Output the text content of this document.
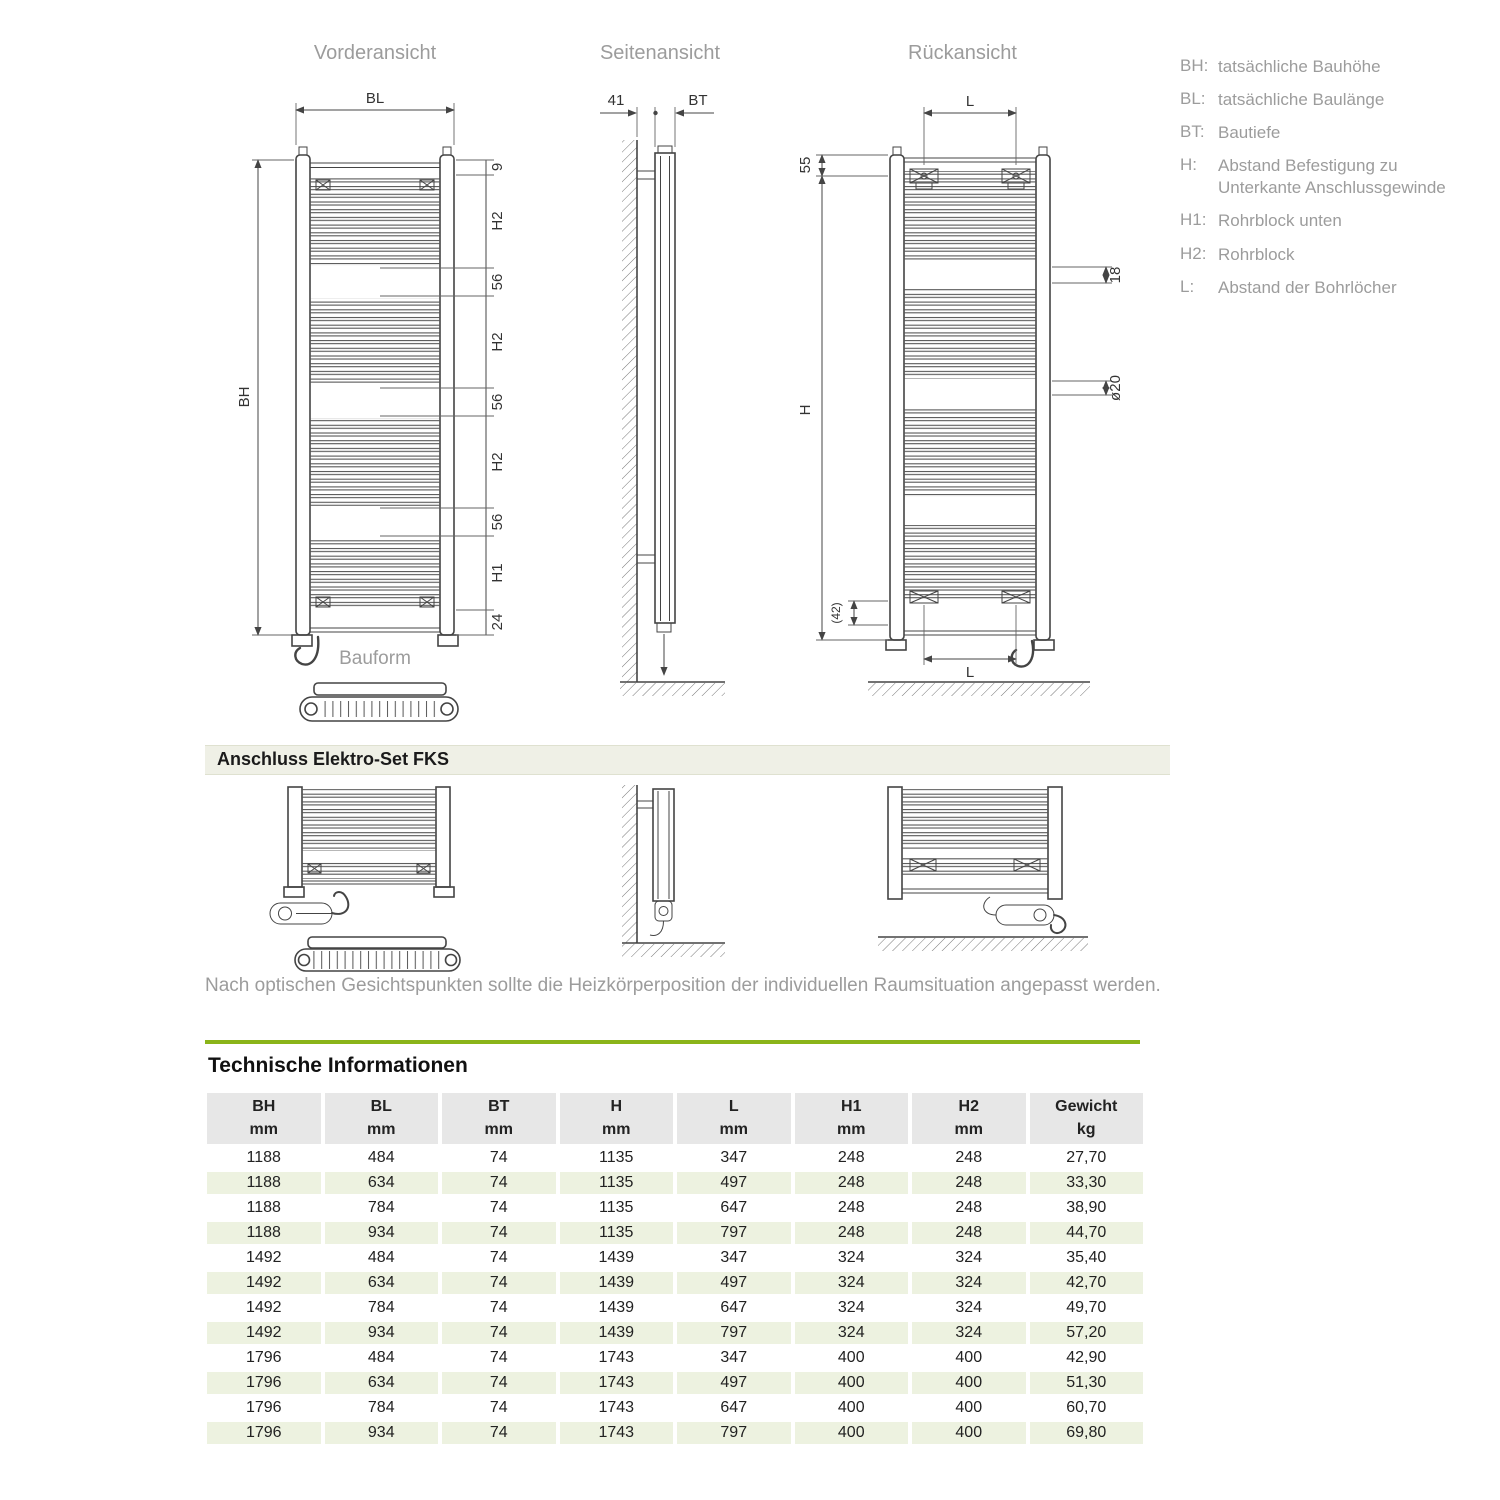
Vorderansicht	Seitenansicht	Rückansicht
Bauform
BL
BH
9
H2
56
H2
56
H2
56
H1
24
41	BT	L
55
H
18
ø20
(42)
L
BH: tatsächliche Bauhöhe
BL: tatsächliche Baulänge
BT: Bautiefe
H:	Abstand Befestigung zu Unterkante Anschlussgewinde
H1: Rohrblock unten
H2: Rohrblock
L:	Abstand der Bohrlöcher
Anschluss Elektro-Set FKS
Nach optischen Gesichtspunkten sollte die Heizkörperposition der individuellen Raumsituation angepasst werden.
Technische Informationen
BH
mm

BL
mm

BT
mm

H
mm

L
mm

H1
mm

H2
mm

Gewicht
kg

1188	484	74	1135	347	248	248	27,70
1188	634	74	1135	497	248	248	33,30
1188	784	74	1135	647	248	248	38,90
1188	934	74	1135	797	248	248	44,70
1492	484	74	1439	347	324	324	35,40
1492	634	74	1439	497	324	324	42,70
1492	784	74	1439	647	324	324	49,70
1492	934	74	1439	797	324	324	57,20
1796	484	74	1743	347	400	400	42,90
1796	634	74	1743	497	400	400	51,30
1796	784	74	1743	647	400	400	60,70
1796	934	74	1743	797	400	400	69,80
